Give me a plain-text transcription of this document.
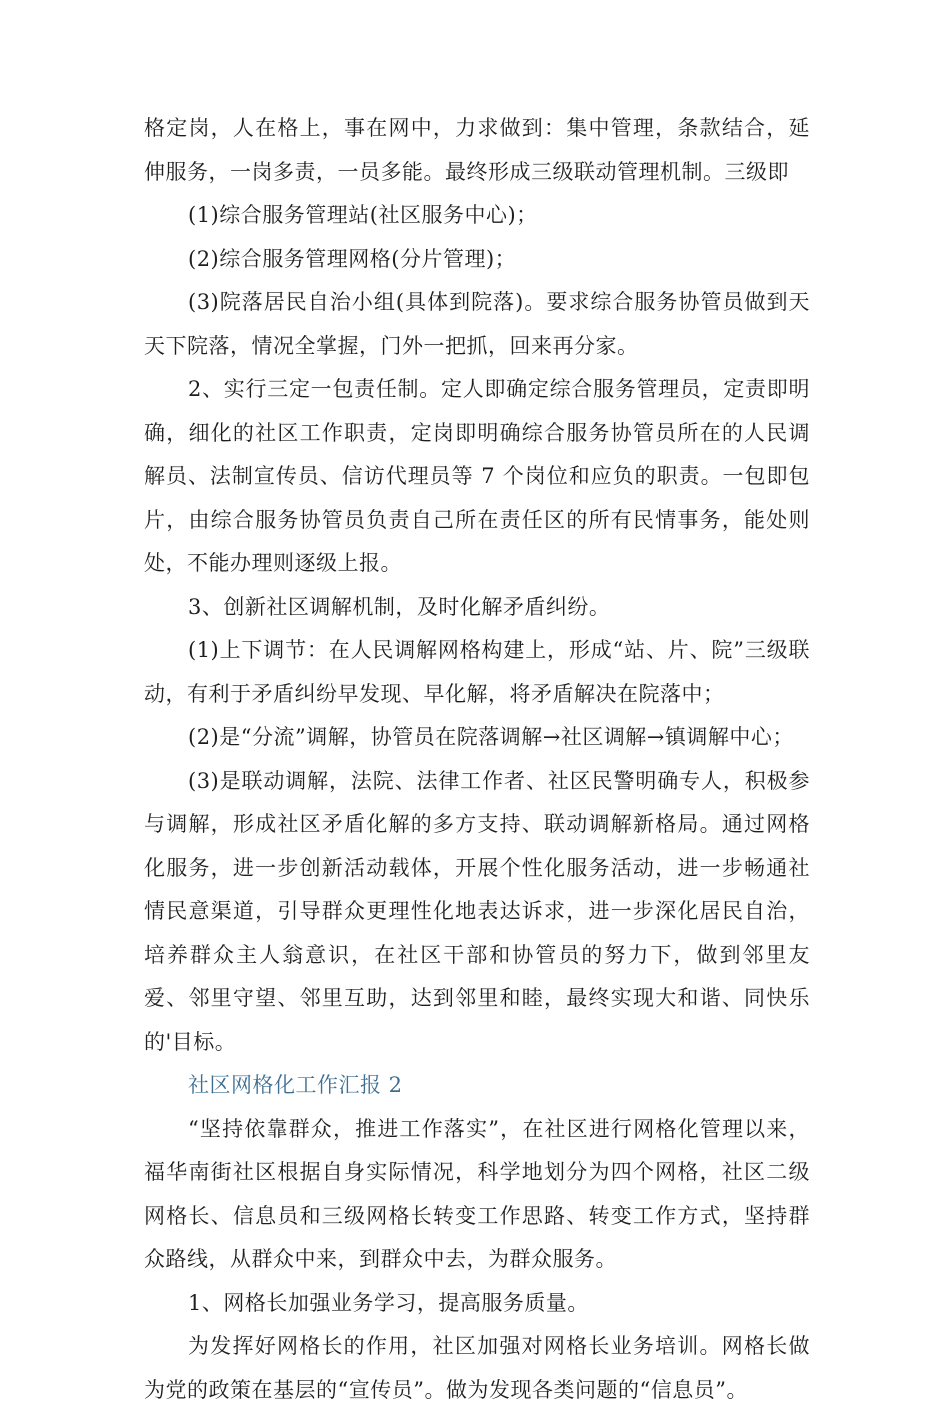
格定岗，人在格上，事在网中，力求做到：集中管理，条款结合，延伸服务，一岗多责，一员多能。最终形成三级联动管理机制。三级即

(1)综合服务管理站(社区服务中心)；

(2)综合服务管理网格(分片管理)；

(3)院落居民自治小组(具体到院落)。要求综合服务协管员做到天天下院落，情况全掌握，门外一把抓，回来再分家。

2、实行三定一包责任制。定人即确定综合服务管理员，定责即明确，细化的社区工作职责，定岗即明确综合服务协管员所在的人民调解员、法制宣传员、信访代理员等 7 个岗位和应负的职责。一包即包片，由综合服务协管员负责自己所在责任区的所有民情事务，能处则处，不能办理则逐级上报。

3、创新社区调解机制，及时化解矛盾纠纷。

(1)上下调节：在人民调解网格构建上，形成“站、片、院”三级联动，有利于矛盾纠纷早发现、早化解，将矛盾解决在院落中；

(2)是“分流”调解，协管员在院落调解→社区调解→镇调解中心；

(3)是联动调解，法院、法律工作者、社区民警明确专人，积极参与调解，形成社区矛盾化解的多方支持、联动调解新格局。通过网格化服务，进一步创新活动载体，开展个性化服务活动，进一步畅通社情民意渠道，引导群众更理性化地表达诉求，进一步深化居民自治，培养群众主人翁意识，在社区干部和协管员的努力下，做到邻里友爱、邻里守望、邻里互助，达到邻里和睦，最终实现大和谐、同快乐的'目标。

社区网格化工作汇报 2

“坚持依靠群众，推进工作落实”，在社区进行网格化管理以来，福华南街社区根据自身实际情况，科学地划分为四个网格，社区二级网格长、信息员和三级网格长转变工作思路、转变工作方式，坚持群众路线，从群众中来，到群众中去，为群众服务。

1、网格长加强业务学习，提高服务质量。

为发挥好网格长的作用，社区加强对网格长业务培训。网格长做为党的政策在基层的“宣传员”。做为发现各类问题的“信息员”。
